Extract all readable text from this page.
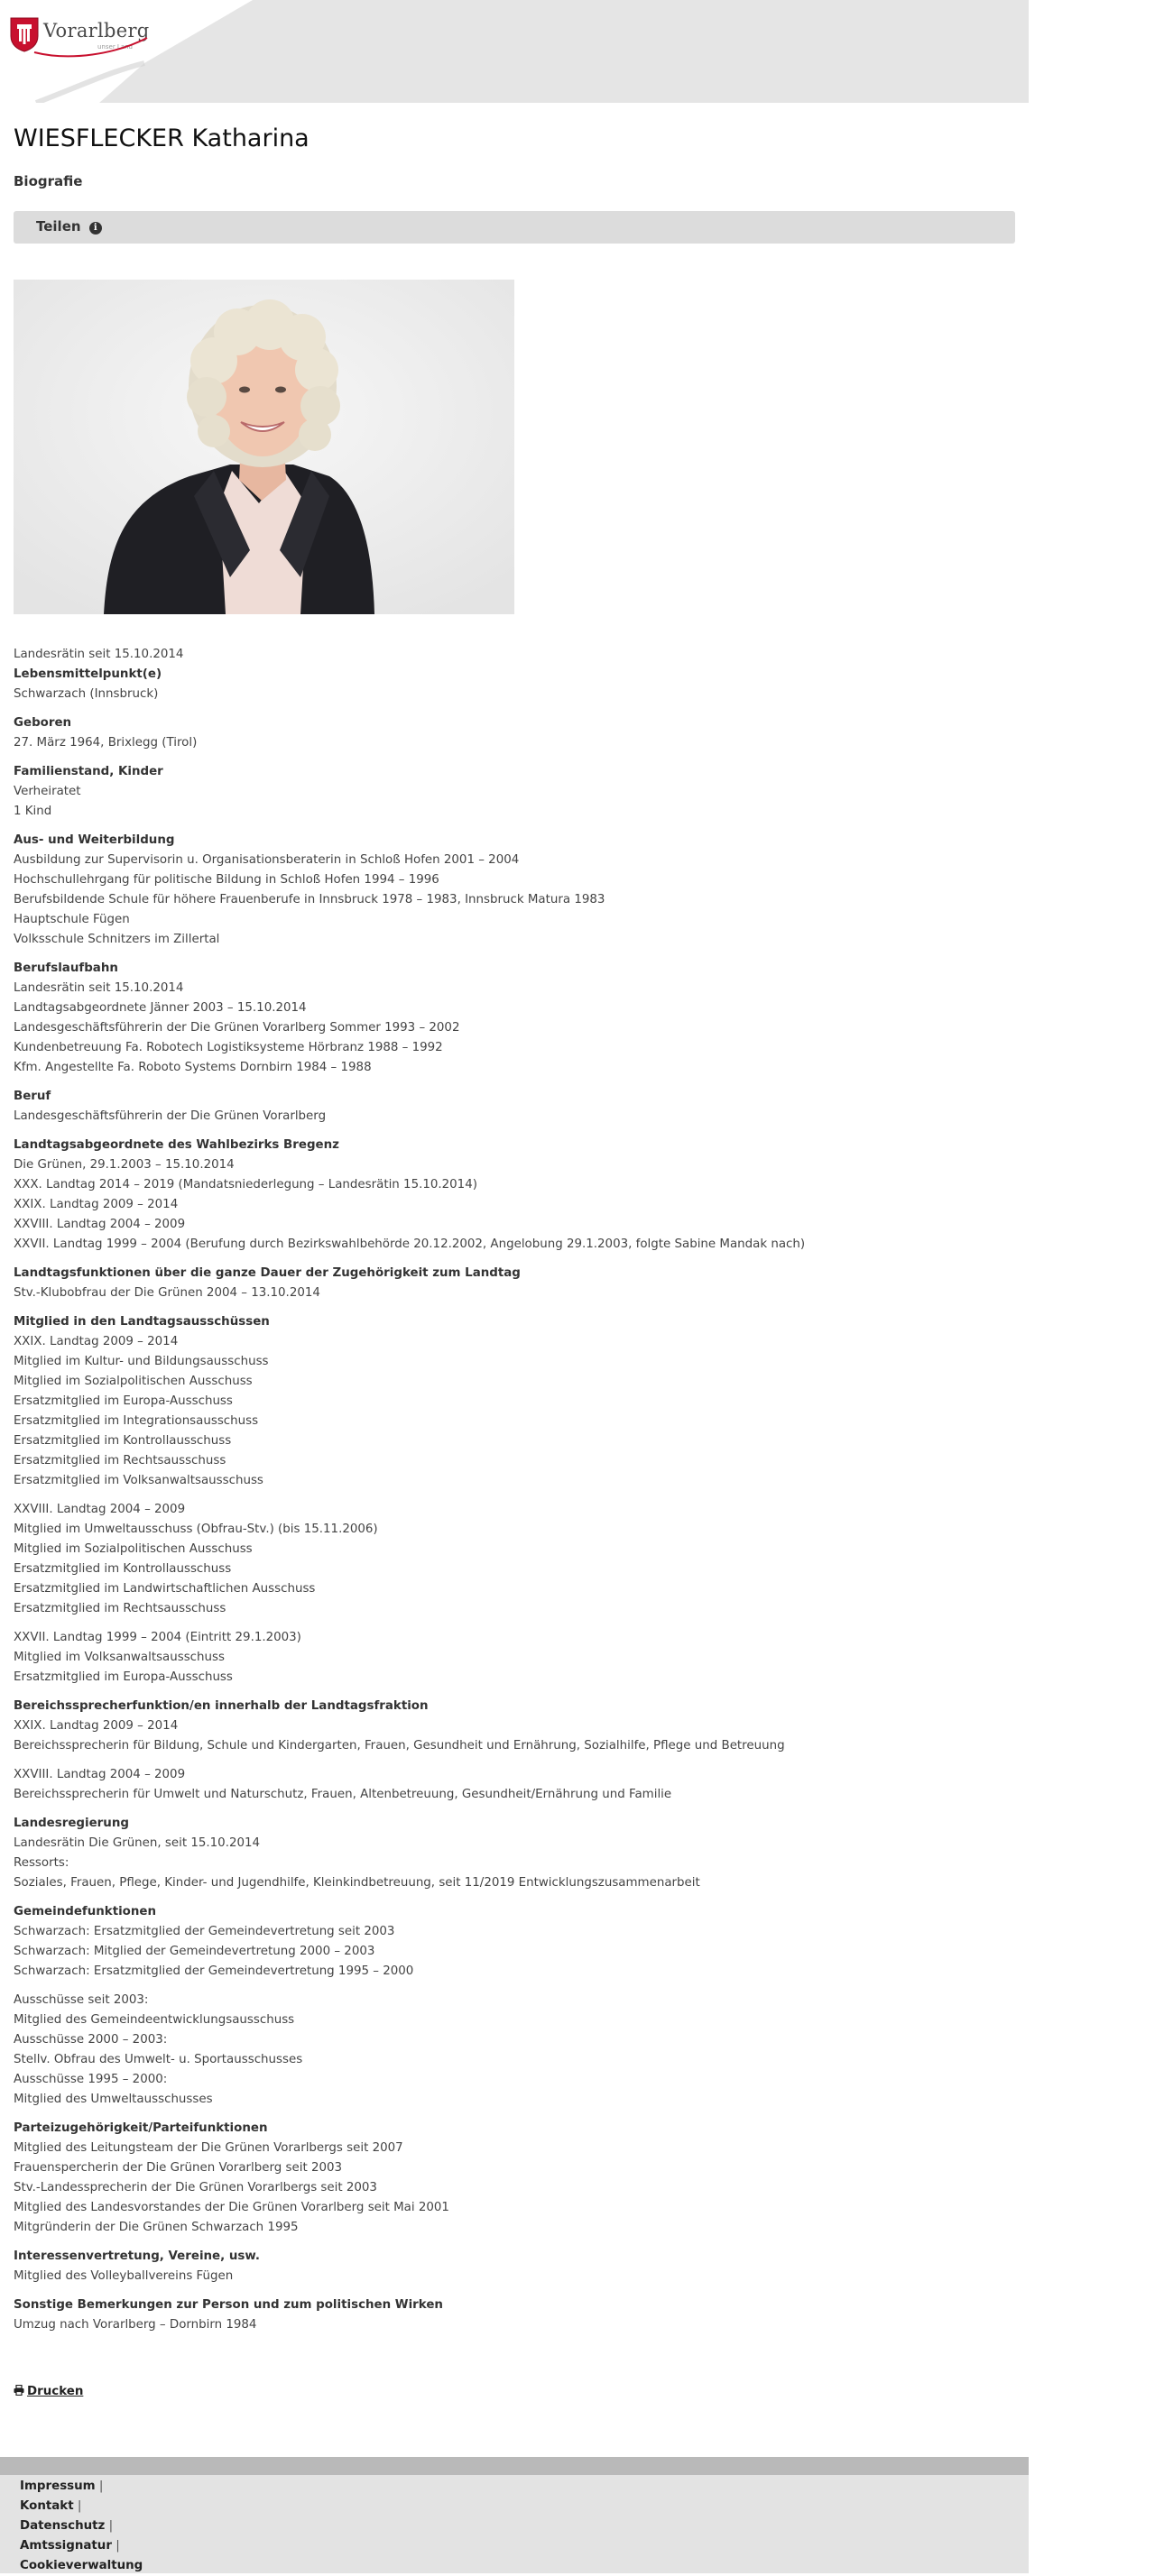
Vorarlberg
unser Land
WIESFLECKER Katharina
Biografie
Teilen i

Landesrätin seit 15.10.2014

Lebensmittelpunkt(e)

Schwarzach (Innsbruck)

Geboren

27. März 1964, Brixlegg (Tirol)

Familienstand, Kinder

Verheiratet

1 Kind

Aus- und Weiterbildung

Ausbildung zur Supervisorin u. Organisationsberaterin in Schloß Hofen 2001 – 2004

Hochschullehrgang für politische Bildung in Schloß Hofen 1994 – 1996

Berufsbildende Schule für höhere Frauenberufe in Innsbruck 1978 – 1983, Innsbruck Matura 1983

Hauptschule Fügen

Volksschule Schnitzers im Zillertal

Berufslaufbahn

Landesrätin seit 15.10.2014

Landtagsabgeordnete Jänner 2003 – 15.10.2014

Landesgeschäftsführerin der Die Grünen Vorarlberg Sommer 1993 – 2002

Kundenbetreuung Fa. Robotech Logistiksysteme Hörbranz 1988 – 1992

Kfm. Angestellte Fa. Roboto Systems Dornbirn 1984 – 1988

Beruf

Landesgeschäftsführerin der Die Grünen Vorarlberg

Landtagsabgeordnete des Wahlbezirks Bregenz

Die Grünen, 29.1.2003 – 15.10.2014

XXX. Landtag 2014 – 2019 (Mandatsniederlegung – Landesrätin 15.10.2014)

XXIX. Landtag 2009 – 2014

XXVIII. Landtag 2004 – 2009

XXVII. Landtag 1999 – 2004 (Berufung durch Bezirkswahlbehörde 20.12.2002, Angelobung 29.1.2003, folgte Sabine Mandak nach)

Landtagsfunktionen über die ganze Dauer der Zugehörigkeit zum Landtag

Stv.-Klubobfrau der Die Grünen 2004 – 13.10.2014

Mitglied in den Landtagsausschüssen

XXIX. Landtag 2009 – 2014

Mitglied im Kultur- und Bildungsausschuss

Mitglied im Sozialpolitischen Ausschuss

Ersatzmitglied im Europa-Ausschuss

Ersatzmitglied im Integrationsausschuss

Ersatzmitglied im Kontrollausschuss

Ersatzmitglied im Rechtsausschuss

Ersatzmitglied im Volksanwaltsausschuss

XXVIII. Landtag 2004 – 2009

Mitglied im Umweltausschuss (Obfrau-Stv.) (bis 15.11.2006)

Mitglied im Sozialpolitischen Ausschuss

Ersatzmitglied im Kontrollausschuss

Ersatzmitglied im Landwirtschaftlichen Ausschuss

Ersatzmitglied im Rechtsausschuss

XXVII. Landtag 1999 – 2004 (Eintritt 29.1.2003)

Mitglied im Volksanwaltsausschuss

Ersatzmitglied im Europa-Ausschuss

Bereichssprecherfunktion/en innerhalb der Landtagsfraktion

XXIX. Landtag 2009 – 2014

Bereichssprecherin für Bildung, Schule und Kindergarten, Frauen, Gesundheit und Ernährung, Sozialhilfe, Pflege und Betreuung

XXVIII. Landtag 2004 – 2009

Bereichssprecherin für Umwelt und Naturschutz, Frauen, Altenbetreuung, Gesundheit/Ernährung und Familie

Landesregierung

Landesrätin Die Grünen, seit 15.10.2014

Ressorts:

Soziales, Frauen, Pflege, Kinder- und Jugendhilfe, Kleinkindbetreuung, seit 11/2019 Entwicklungszusammenarbeit

Gemeindefunktionen

Schwarzach: Ersatzmitglied der Gemeindevertretung seit 2003

Schwarzach: Mitglied der Gemeindevertretung 2000 – 2003

Schwarzach: Ersatzmitglied der Gemeindevertretung 1995 – 2000

Ausschüsse seit 2003:

Mitglied des Gemeindeentwicklungsausschuss

Ausschüsse 2000 – 2003:

Stellv. Obfrau des Umwelt- u. Sportausschusses

Ausschüsse 1995 – 2000:

Mitglied des Umweltausschusses

Parteizugehörigkeit/Parteifunktionen

Mitglied des Leitungsteam der Die Grünen Vorarlbergs seit 2007

Frauenspercherin der Die Grünen Vorarlberg seit 2003

Stv.-Landessprecherin der Die Grünen Vorarlbergs seit 2003

Mitglied des Landesvorstandes der Die Grünen Vorarlberg seit Mai 2001

Mitgründerin der Die Grünen Schwarzach 1995

Interessenvertretung, Vereine, usw.

Mitglied des Volleyballvereins Fügen

Sonstige Bemerkungen zur Person und zum politischen Wirken

Umzug nach Vorarlberg – Dornbirn 1984

Drucken
Impressum |
Kontakt |
Datenschutz |
Amtssignatur |
Cookieverwaltung
